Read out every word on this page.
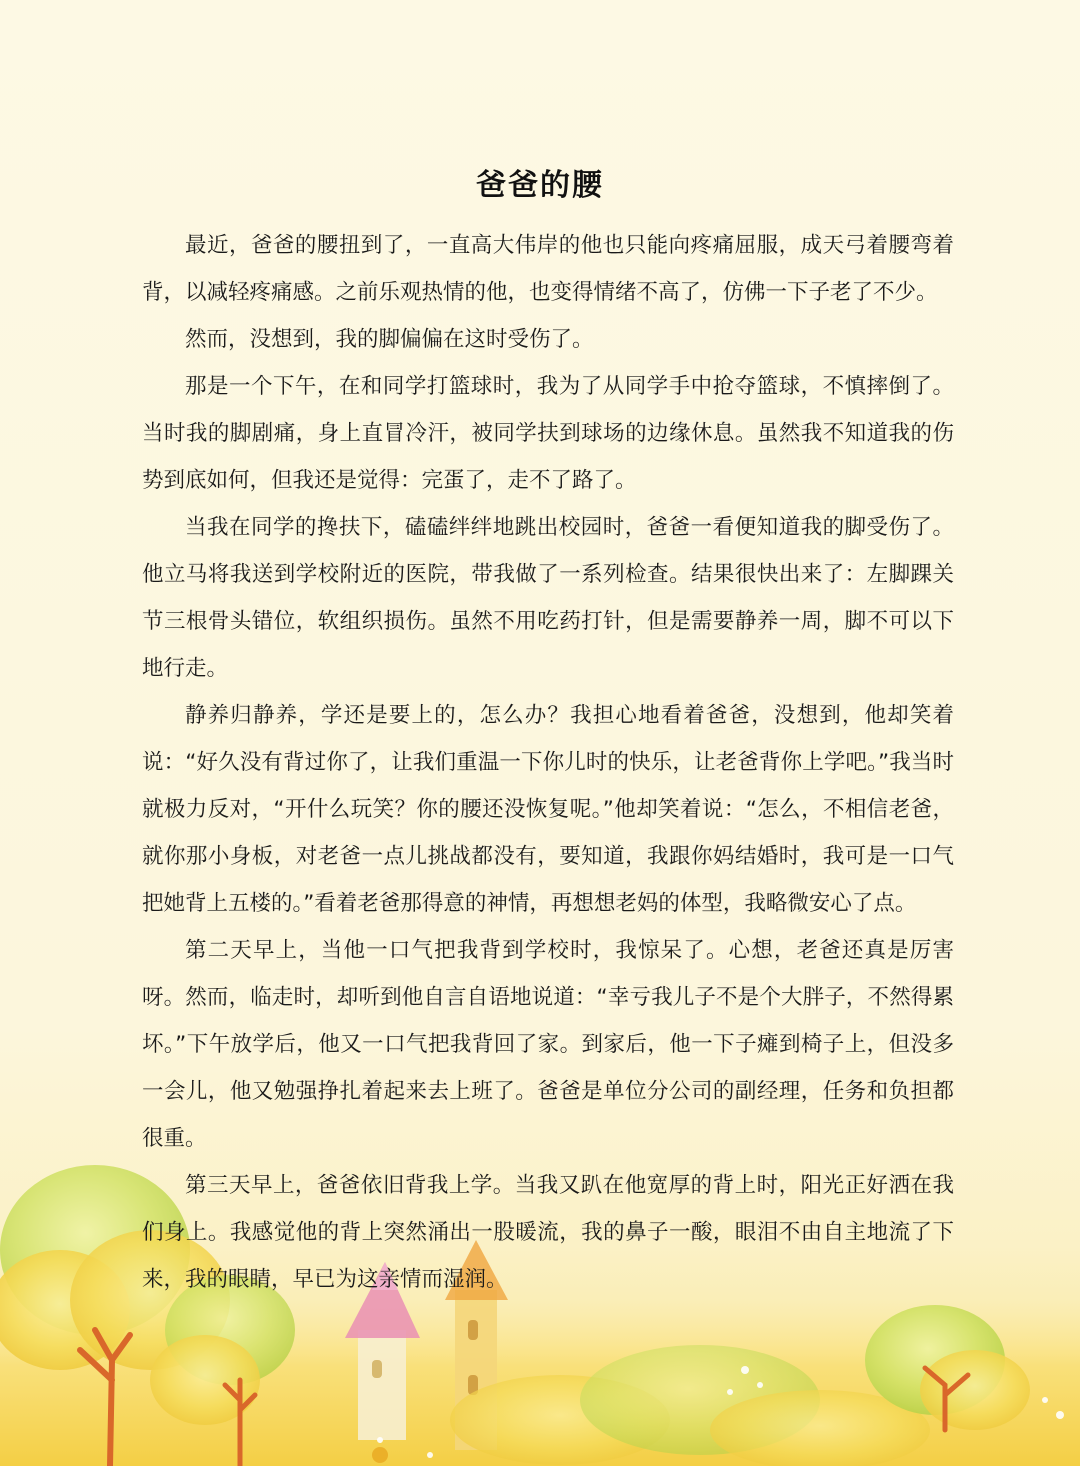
爸爸的腰

最近，爸爸的腰扭到了，一直高大伟岸的他也只能向疼痛屈服，成天弓着腰弯着背，以减轻疼痛感。之前乐观热情的他，也变得情绪不高了，仿佛一下子老了不少。

然而，没想到，我的脚偏偏在这时受伤了。

那是一个下午，在和同学打篮球时，我为了从同学手中抢夺篮球，不慎摔倒了。当时我的脚剧痛，身上直冒冷汗，被同学扶到球场的边缘休息。虽然我不知道我的伤势到底如何，但我还是觉得：完蛋了，走不了路了。

当我在同学的搀扶下，磕磕绊绊地跳出校园时，爸爸一看便知道我的脚受伤了。他立马将我送到学校附近的医院，带我做了一系列检查。结果很快出来了：左脚踝关节三根骨头错位，软组织损伤。虽然不用吃药打针，但是需要静养一周，脚不可以下地行走。

静养归静养，学还是要上的，怎么办？我担心地看着爸爸，没想到，他却笑着说：“好久没有背过你了，让我们重温一下你儿时的快乐，让老爸背你上学吧。”我当时就极力反对，“开什么玩笑？你的腰还没恢复呢。”他却笑着说：“怎么，不相信老爸，就你那小身板，对老爸一点儿挑战都没有，要知道，我跟你妈结婚时，我可是一口气把她背上五楼的。”看着老爸那得意的神情，再想想老妈的体型，我略微安心了点。

第二天早上，当他一口气把我背到学校时，我惊呆了。心想，老爸还真是厉害呀。然而，临走时，却听到他自言自语地说道：“幸亏我儿子不是个大胖子，不然得累坏。”下午放学后，他又一口气把我背回了家。到家后，他一下子瘫到椅子上，但没多一会儿，他又勉强挣扎着起来去上班了。爸爸是单位分公司的副经理，任务和负担都很重。

第三天早上，爸爸依旧背我上学。当我又趴在他宽厚的背上时，阳光正好洒在我们身上。我感觉他的背上突然涌出一股暖流，我的鼻子一酸，眼泪不由自主地流了下来，我的眼睛，早已为这亲情而湿润。
